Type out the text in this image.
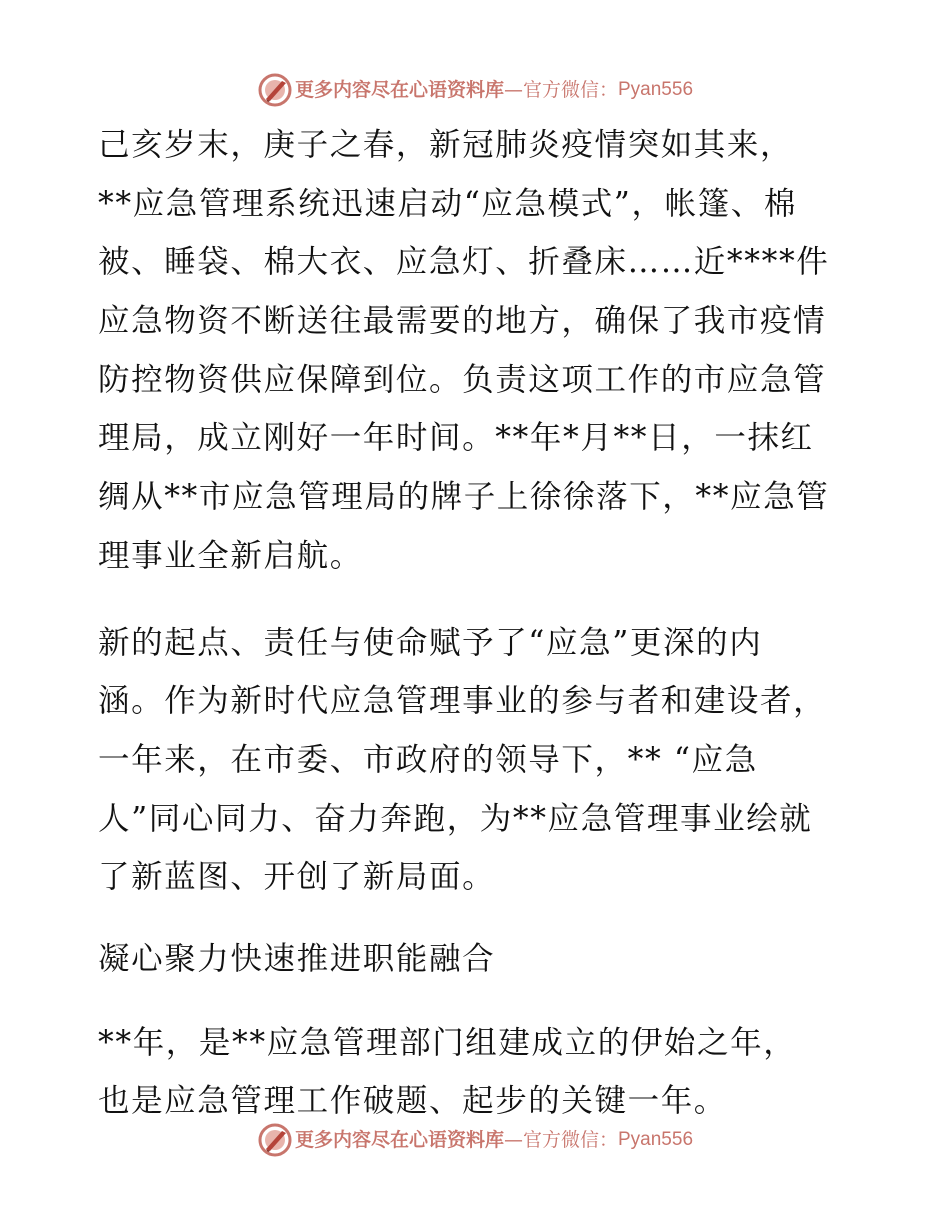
更多内容尽在心语资料库 — 官方微信： Pyan556

己亥岁末，庚子之春，新冠肺炎疫情突如其来，
**应急管理系统迅速启动“应急模式”，帐篷、棉
被、睡袋、棉大衣、应急灯、折叠床……近****件
应急物资不断送往最需要的地方，确保了我市疫情
防控物资供应保障到位。负责这项工作的市应急管
理局，成立刚好一年时间。**年*月**日，一抹红
绸从**市应急管理局的牌子上徐徐落下，**应急管
理事业全新启航。

新的起点、责任与使命赋予了“应急”更深的内
涵。作为新时代应急管理事业的参与者和建设者，
一年来，在市委、市政府的领导下，** “应急
人”同心同力、奋力奔跑，为**应急管理事业绘就
了新蓝图、开创了新局面。

凝心聚力快速推进职能融合

**年，是**应急管理部门组建成立的伊始之年，
也是应急管理工作破题、起步的关键一年。

更多内容尽在心语资料库 — 官方微信： Pyan556
